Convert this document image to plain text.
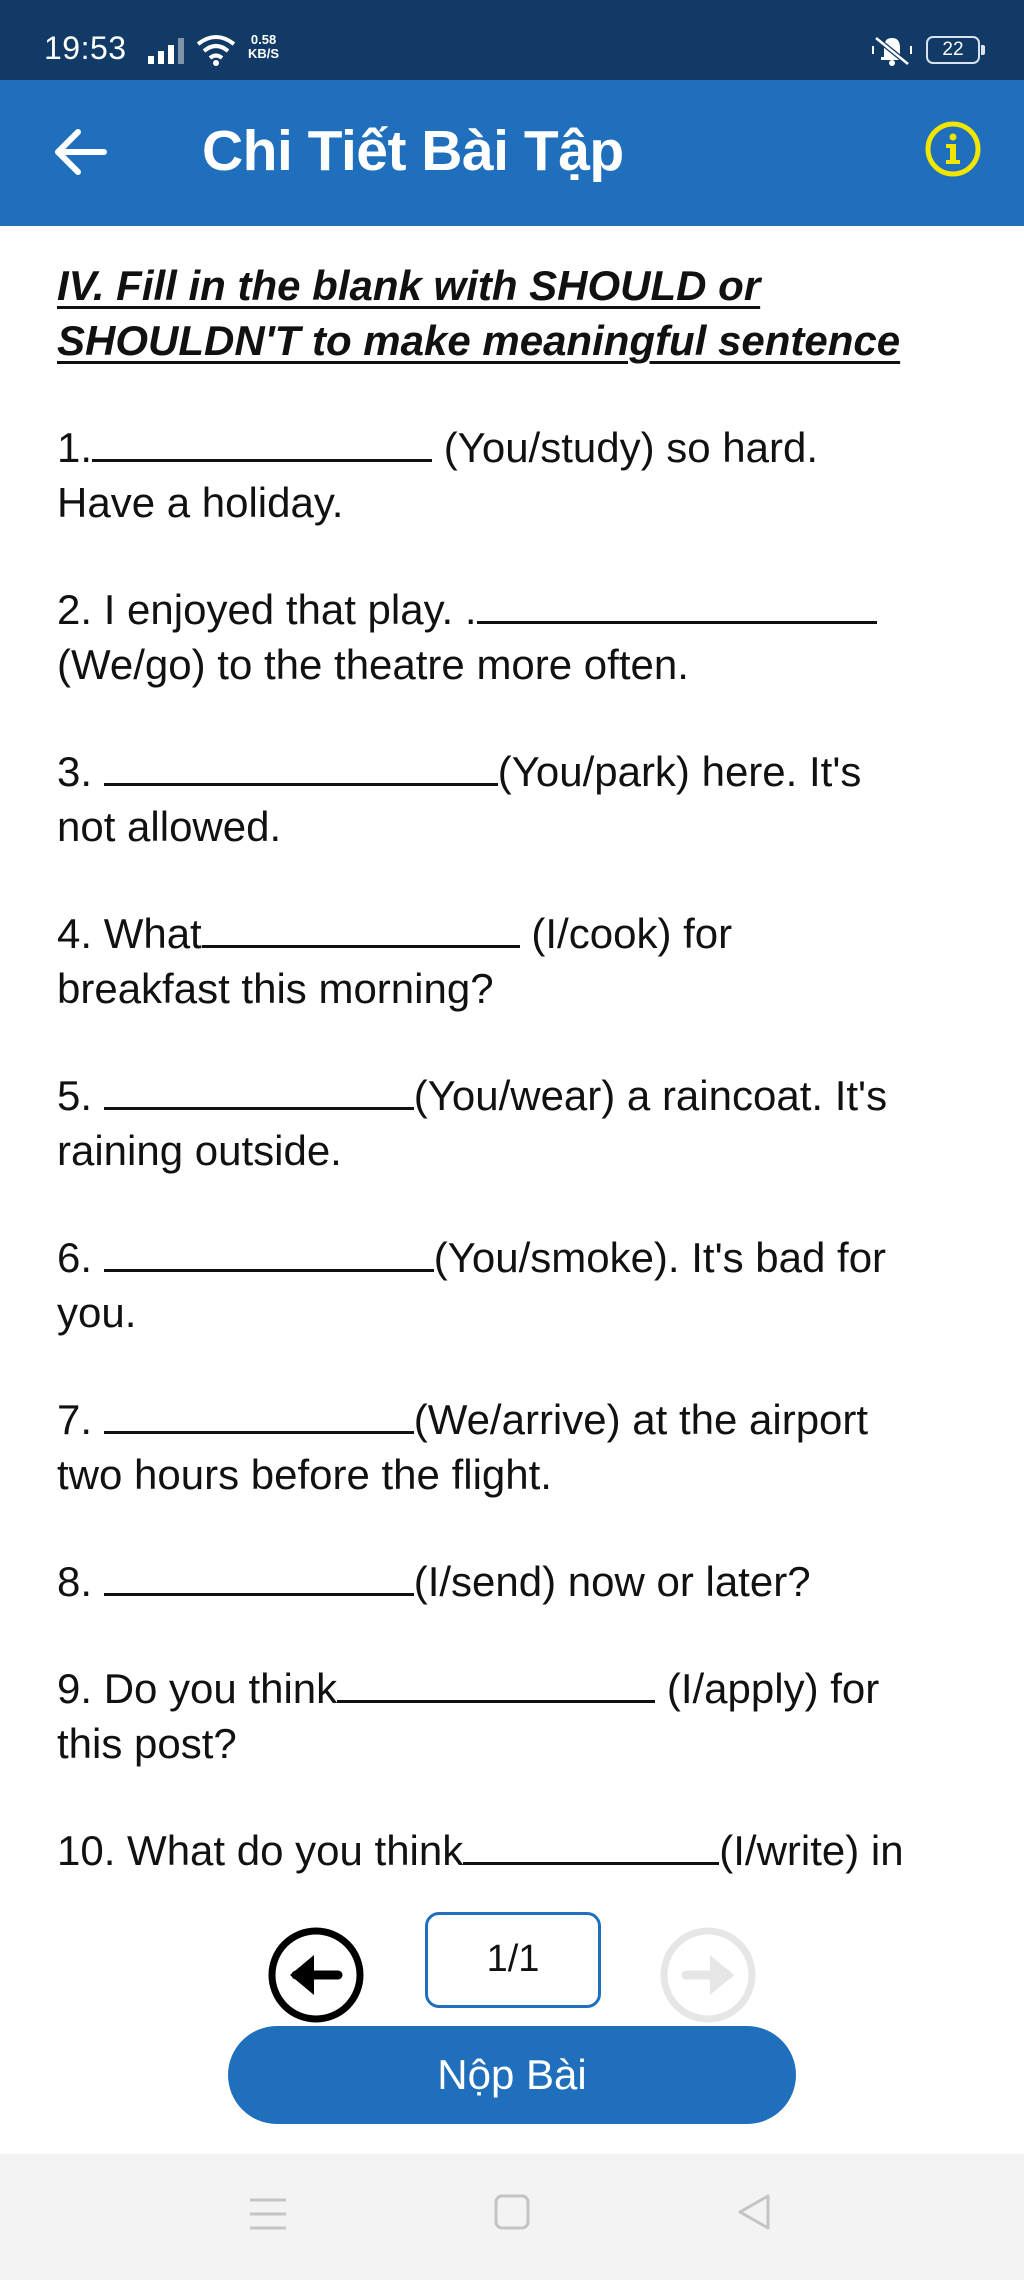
19:53	0.58
KB/S	22
Chi Tiết Bài Tập

IV. Fill in the blank with SHOULD or
SHOULDN'T to make meaningful sentence

1.	(You/study) so hard.
Have a holiday.

2. I enjoyed that play. .
(We/go) to the theatre more often.

3.	(You/park) here. It's
not allowed.

4. What	(I/cook) for
breakfast this morning?

5.	(You/wear) a raincoat. It's
raining outside.

6.	(You/smoke). It's bad for
you.

7.	(We/arrive) at the airport
two hours before the flight.

8.	(I/send) now or later?

9. Do you think	(I/apply) for
this post?

10. What do you think	(I/write) in

1/1
Nộp Bài
